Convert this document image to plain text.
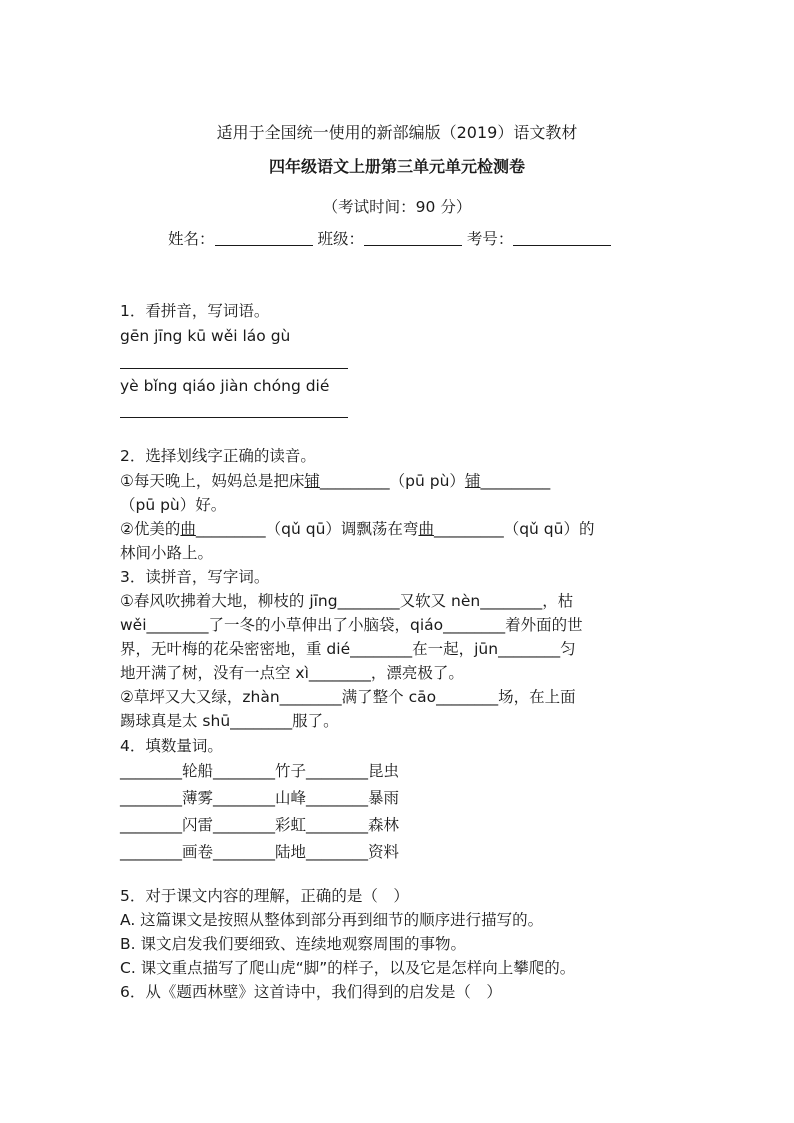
适用于全国统一使用的新部编版（2019）语文教材
四年级语文上册第三单元单元检测卷
（考试时间：90 分）
姓名：	班级：	考号：
1．看拼音，写词语。
gēn jīng kū wěi láo gù
yè bǐng qiáo jiàn chóng dié
2．选择划线字正确的读音。
①每天晚上，妈妈总是把床铺_________（pū pù）铺_________
（pū pù）好。
②优美的曲_________（qǔ qū）调飘荡在弯曲_________（qǔ qū）的
林间小路上。
3．读拼音，写字词。
①春风吹拂着大地，柳枝的 jīng________又软又 nèn________，枯
wěi________了一冬的小草伸出了小脑袋，qiáo________着外面的世
界，无叶梅的花朵密密地，重 dié________在一起，jūn________匀
地开满了树，没有一点空 xì________，漂亮极了。
②草坪又大又绿，zhàn________满了整个 cāo________场，在上面
踢球真是太 shū________服了。
4．填数量词。
________轮船________竹子________昆虫
________薄雾________山峰________暴雨
________闪雷________彩虹________森林
________画卷________陆地________资料
5．对于课文内容的理解，正确的是（　）
A. 这篇课文是按照从整体到部分再到细节的顺序进行描写的。
B. 课文启发我们要细致、连续地观察周围的事物。
C. 课文重点描写了爬山虎“脚”的样子，以及它是怎样向上攀爬的。
6．从《题西林壁》这首诗中，我们得到的启发是（　）
